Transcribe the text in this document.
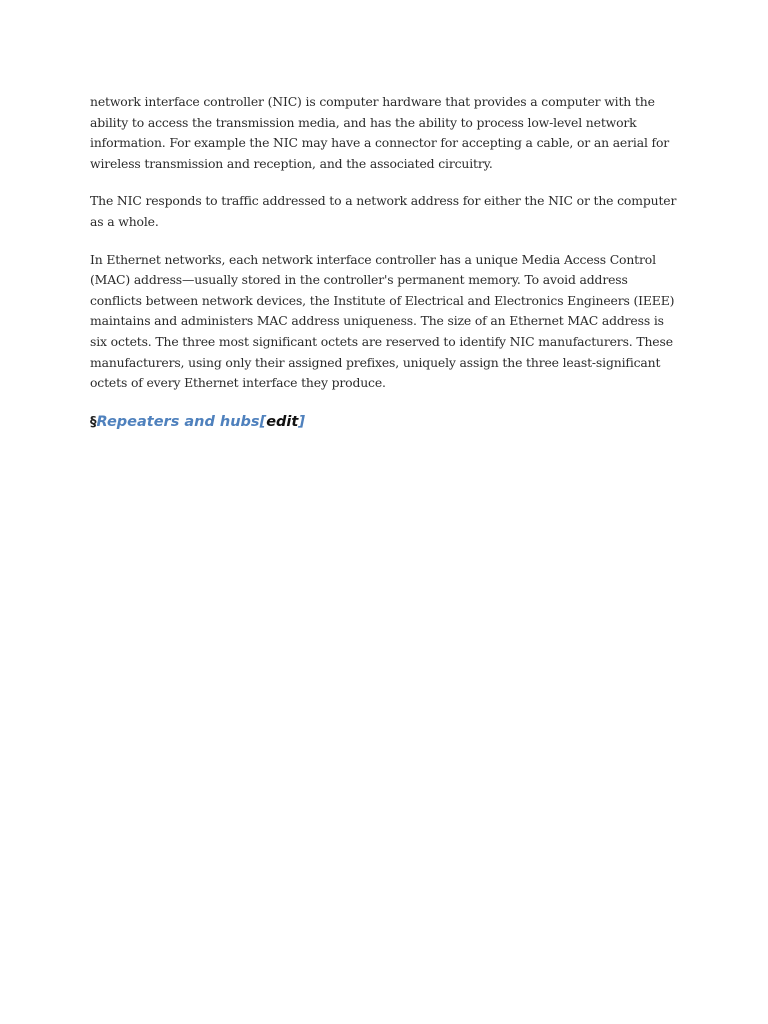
network interface controller (NIC) is computer hardware that provides a computer with the ability to access the transmission media, and has the ability to process low-level network information. For example the NIC may have a connector for accepting a cable, or an aerial for wireless transmission and reception, and the associated circuitry.

The NIC responds to traffic addressed to a network address for either the NIC or the computer as a whole.

In Ethernet networks, each network interface controller has a unique Media Access Control (MAC) address—usually stored in the controller's permanent memory. To avoid address conflicts between network devices, the Institute of Electrical and Electronics Engineers (IEEE) maintains and administers MAC address uniqueness. The size of an Ethernet MAC address is six octets. The three most significant octets are reserved to identify NIC manufacturers. These manufacturers, using only their assigned prefixes, uniquely assign the three least-significant octets of every Ethernet interface they produce.

§Repeaters and hubs[edit]
